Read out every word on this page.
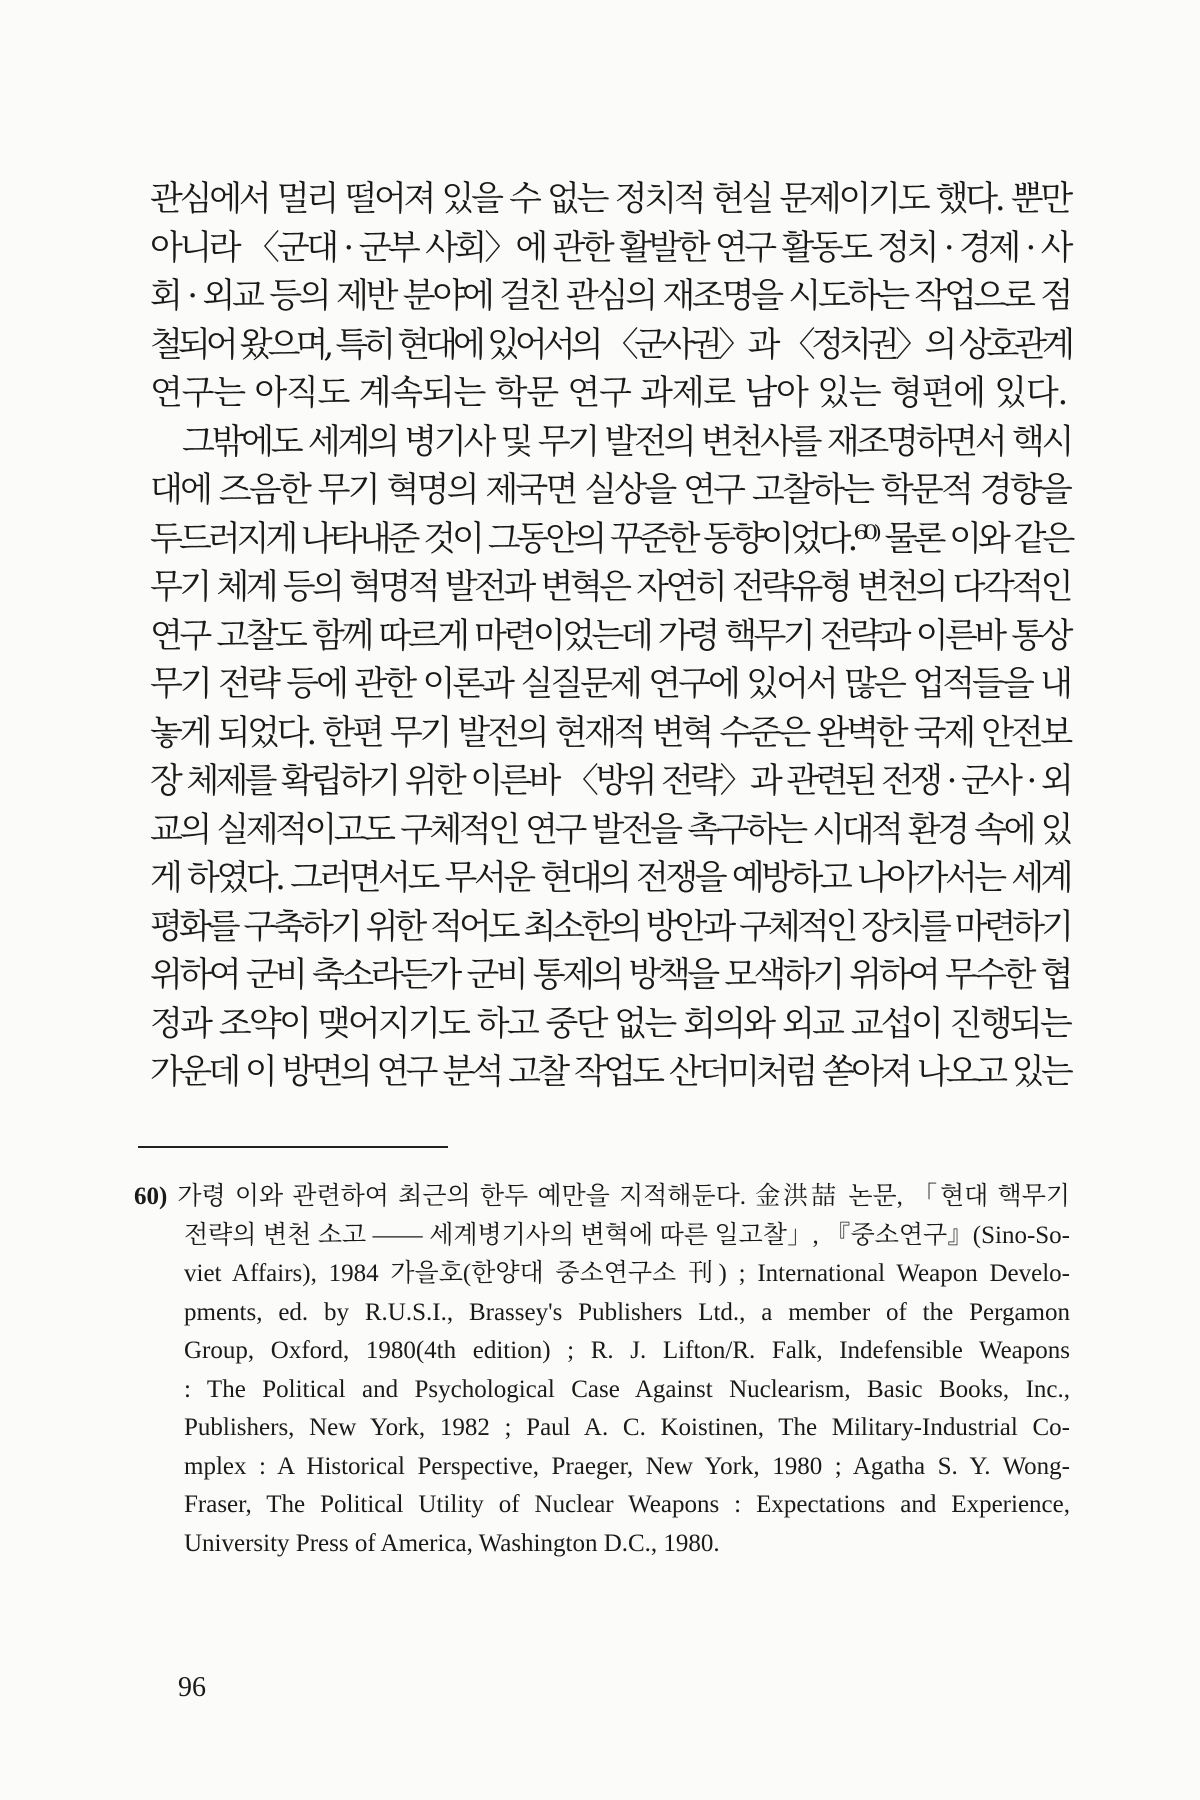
관심에서 멀리 떨어져 있을 수 없는 정치적 현실 문제이기도 했다. 뿐만
아니라 〈군대 · 군부 사회〉에 관한 활발한 연구 활동도 정치 · 경제 · 사
회 · 외교 등의 제반 분야에 걸친 관심의 재조명을 시도하는 작업으로 점
철되어 왔으며, 특히 현대에 있어서의 〈군사권〉과 〈정치권〉의 상호관계
연구는 아직도 계속되는 학문 연구 과제로 남아 있는 형편에 있다.
그밖에도 세계의 병기사 및 무기 발전의 변천사를 재조명하면서 핵시
대에 즈음한 무기 혁명의 제국면 실상을 연구 고찰하는 학문적 경향을
두드러지게 나타내준 것이 그동안의 꾸준한 동향이었다.⁶⁰⁾ 물론 이와 같은
무기 체계 등의 혁명적 발전과 변혁은 자연히 전략유형 변천의 다각적인
연구 고찰도 함께 따르게 마련이었는데 가령 핵무기 전략과 이른바 통상
무기 전략 등에 관한 이론과 실질문제 연구에 있어서 많은 업적들을 내
놓게 되었다. 한편 무기 발전의 현재적 변혁 수준은 완벽한 국제 안전보
장 체제를 확립하기 위한 이른바 〈방위 전략〉과 관련된 전쟁 · 군사 · 외
교의 실제적이고도 구체적인 연구 발전을 촉구하는 시대적 환경 속에 있
게 하였다. 그러면서도 무서운 현대의 전쟁을 예방하고 나아가서는 세계
평화를 구축하기 위한 적어도 최소한의 방안과 구체적인 장치를 마련하기
위하여 군비 축소라든가 군비 통제의 방책을 모색하기 위하여 무수한 협
정과 조약이 맺어지기도 하고 중단 없는 회의와 외교 교섭이 진행되는
가운데 이 방면의 연구 분석 고찰 작업도 산더미처럼 쏟아져 나오고 있는
60) 가령 이와 관련하여 최근의 한두 예만을 지적해둔다. 金洪喆 논문, 「현대 핵무기
전략의 변천 소고 —— 세계병기사의 변혁에 따른 일고찰」, 『중소연구』(Sino-So-
viet Affairs), 1984 가을호(한양대 중소연구소 刊) ; International Weapon Develo-
pments, ed. by R.U.S.I., Brassey's Publishers Ltd., a member of the Pergamon
Group, Oxford, 1980(4th edition) ; R. J. Lifton/R. Falk, Indefensible Weapons
: The Political and Psychological Case Against Nuclearism, Basic Books, Inc.,
Publishers, New York, 1982 ; Paul A. C. Koistinen, The Military-Industrial Co-
mplex : A Historical Perspective, Praeger, New York, 1980 ; Agatha S. Y. Wong-
Fraser, The Political Utility of Nuclear Weapons : Expectations and Experience,
University Press of America, Washington D.C., 1980.
96
